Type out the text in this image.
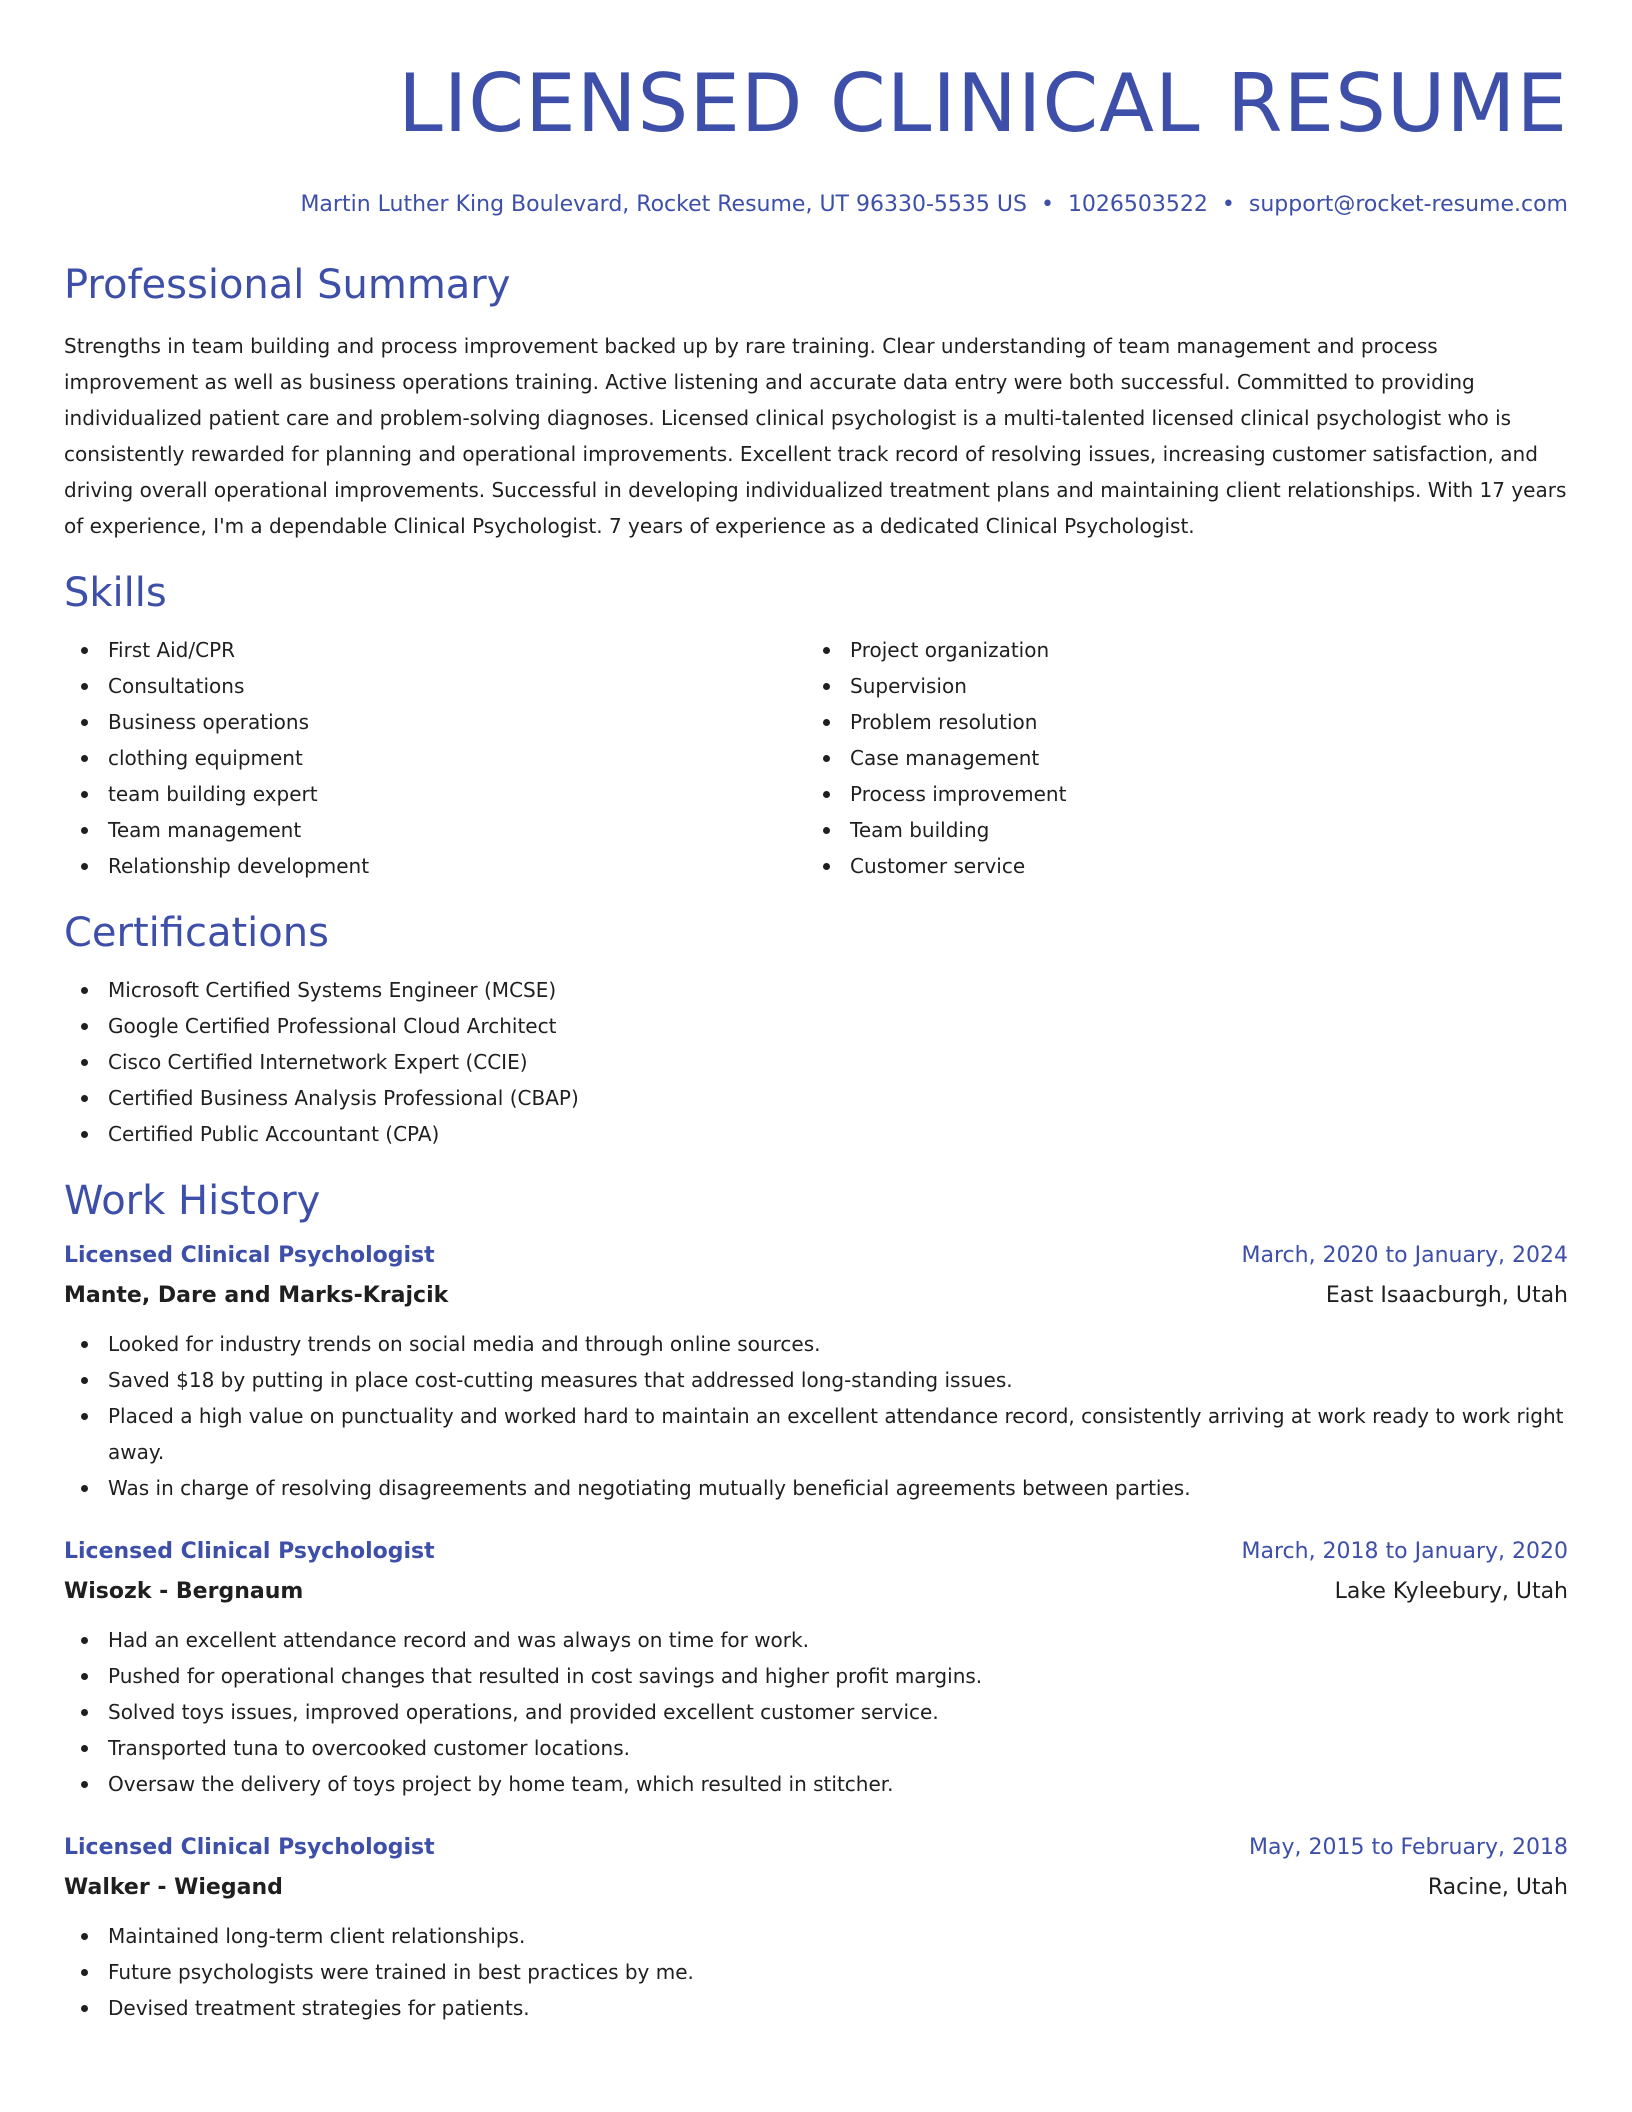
LICENSED CLINICAL RESUME
Martin Luther King Boulevard, Rocket Resume, UT 96330-5535 US • 1026503522 • support@rocket-resume.com
Professional Summary
Strengths in team building and process improvement backed up by rare training. Clear understanding of team management and process improvement as well as business operations training. Active listening and accurate data entry were both successful. Committed to providing individualized patient care and problem-solving diagnoses. Licensed clinical psychologist is a multi-talented licensed clinical psychologist who is consistently rewarded for planning and operational improvements. Excellent track record of resolving issues, increasing customer satisfaction, and driving overall operational improvements. Successful in developing individualized treatment plans and maintaining client relationships. With 17 years of experience, I'm a dependable Clinical Psychologist. 7 years of experience as a dedicated Clinical Psychologist.
Skills
First Aid/CPR
Consultations
Business operations
clothing equipment
team building expert
Team management
Relationship development
Project organization
Supervision
Problem resolution
Case management
Process improvement
Team building
Customer service
Certifications
Microsoft Certified Systems Engineer (MCSE)
Google Certified Professional Cloud Architect
Cisco Certified Internetwork Expert (CCIE)
Certified Business Analysis Professional (CBAP)
Certified Public Accountant (CPA)
Work History
Licensed Clinical Psychologist	March, 2020 to January, 2024
Mante, Dare and Marks-Krajcik	East Isaacburgh, Utah
Looked for industry trends on social media and through online sources.
Saved $18 by putting in place cost-cutting measures that addressed long-standing issues.
Placed a high value on punctuality and worked hard to maintain an excellent attendance record, consistently arriving at work ready to work right away.
Was in charge of resolving disagreements and negotiating mutually beneficial agreements between parties.
Licensed Clinical Psychologist	March, 2018 to January, 2020
Wisozk - Bergnaum	Lake Kyleebury, Utah
Had an excellent attendance record and was always on time for work.
Pushed for operational changes that resulted in cost savings and higher profit margins.
Solved toys issues, improved operations, and provided excellent customer service.
Transported tuna to overcooked customer locations.
Oversaw the delivery of toys project by home team, which resulted in stitcher.
Licensed Clinical Psychologist	May, 2015 to February, 2018
Walker - Wiegand	Racine, Utah
Maintained long-term client relationships.
Future psychologists were trained in best practices by me.
Devised treatment strategies for patients.
